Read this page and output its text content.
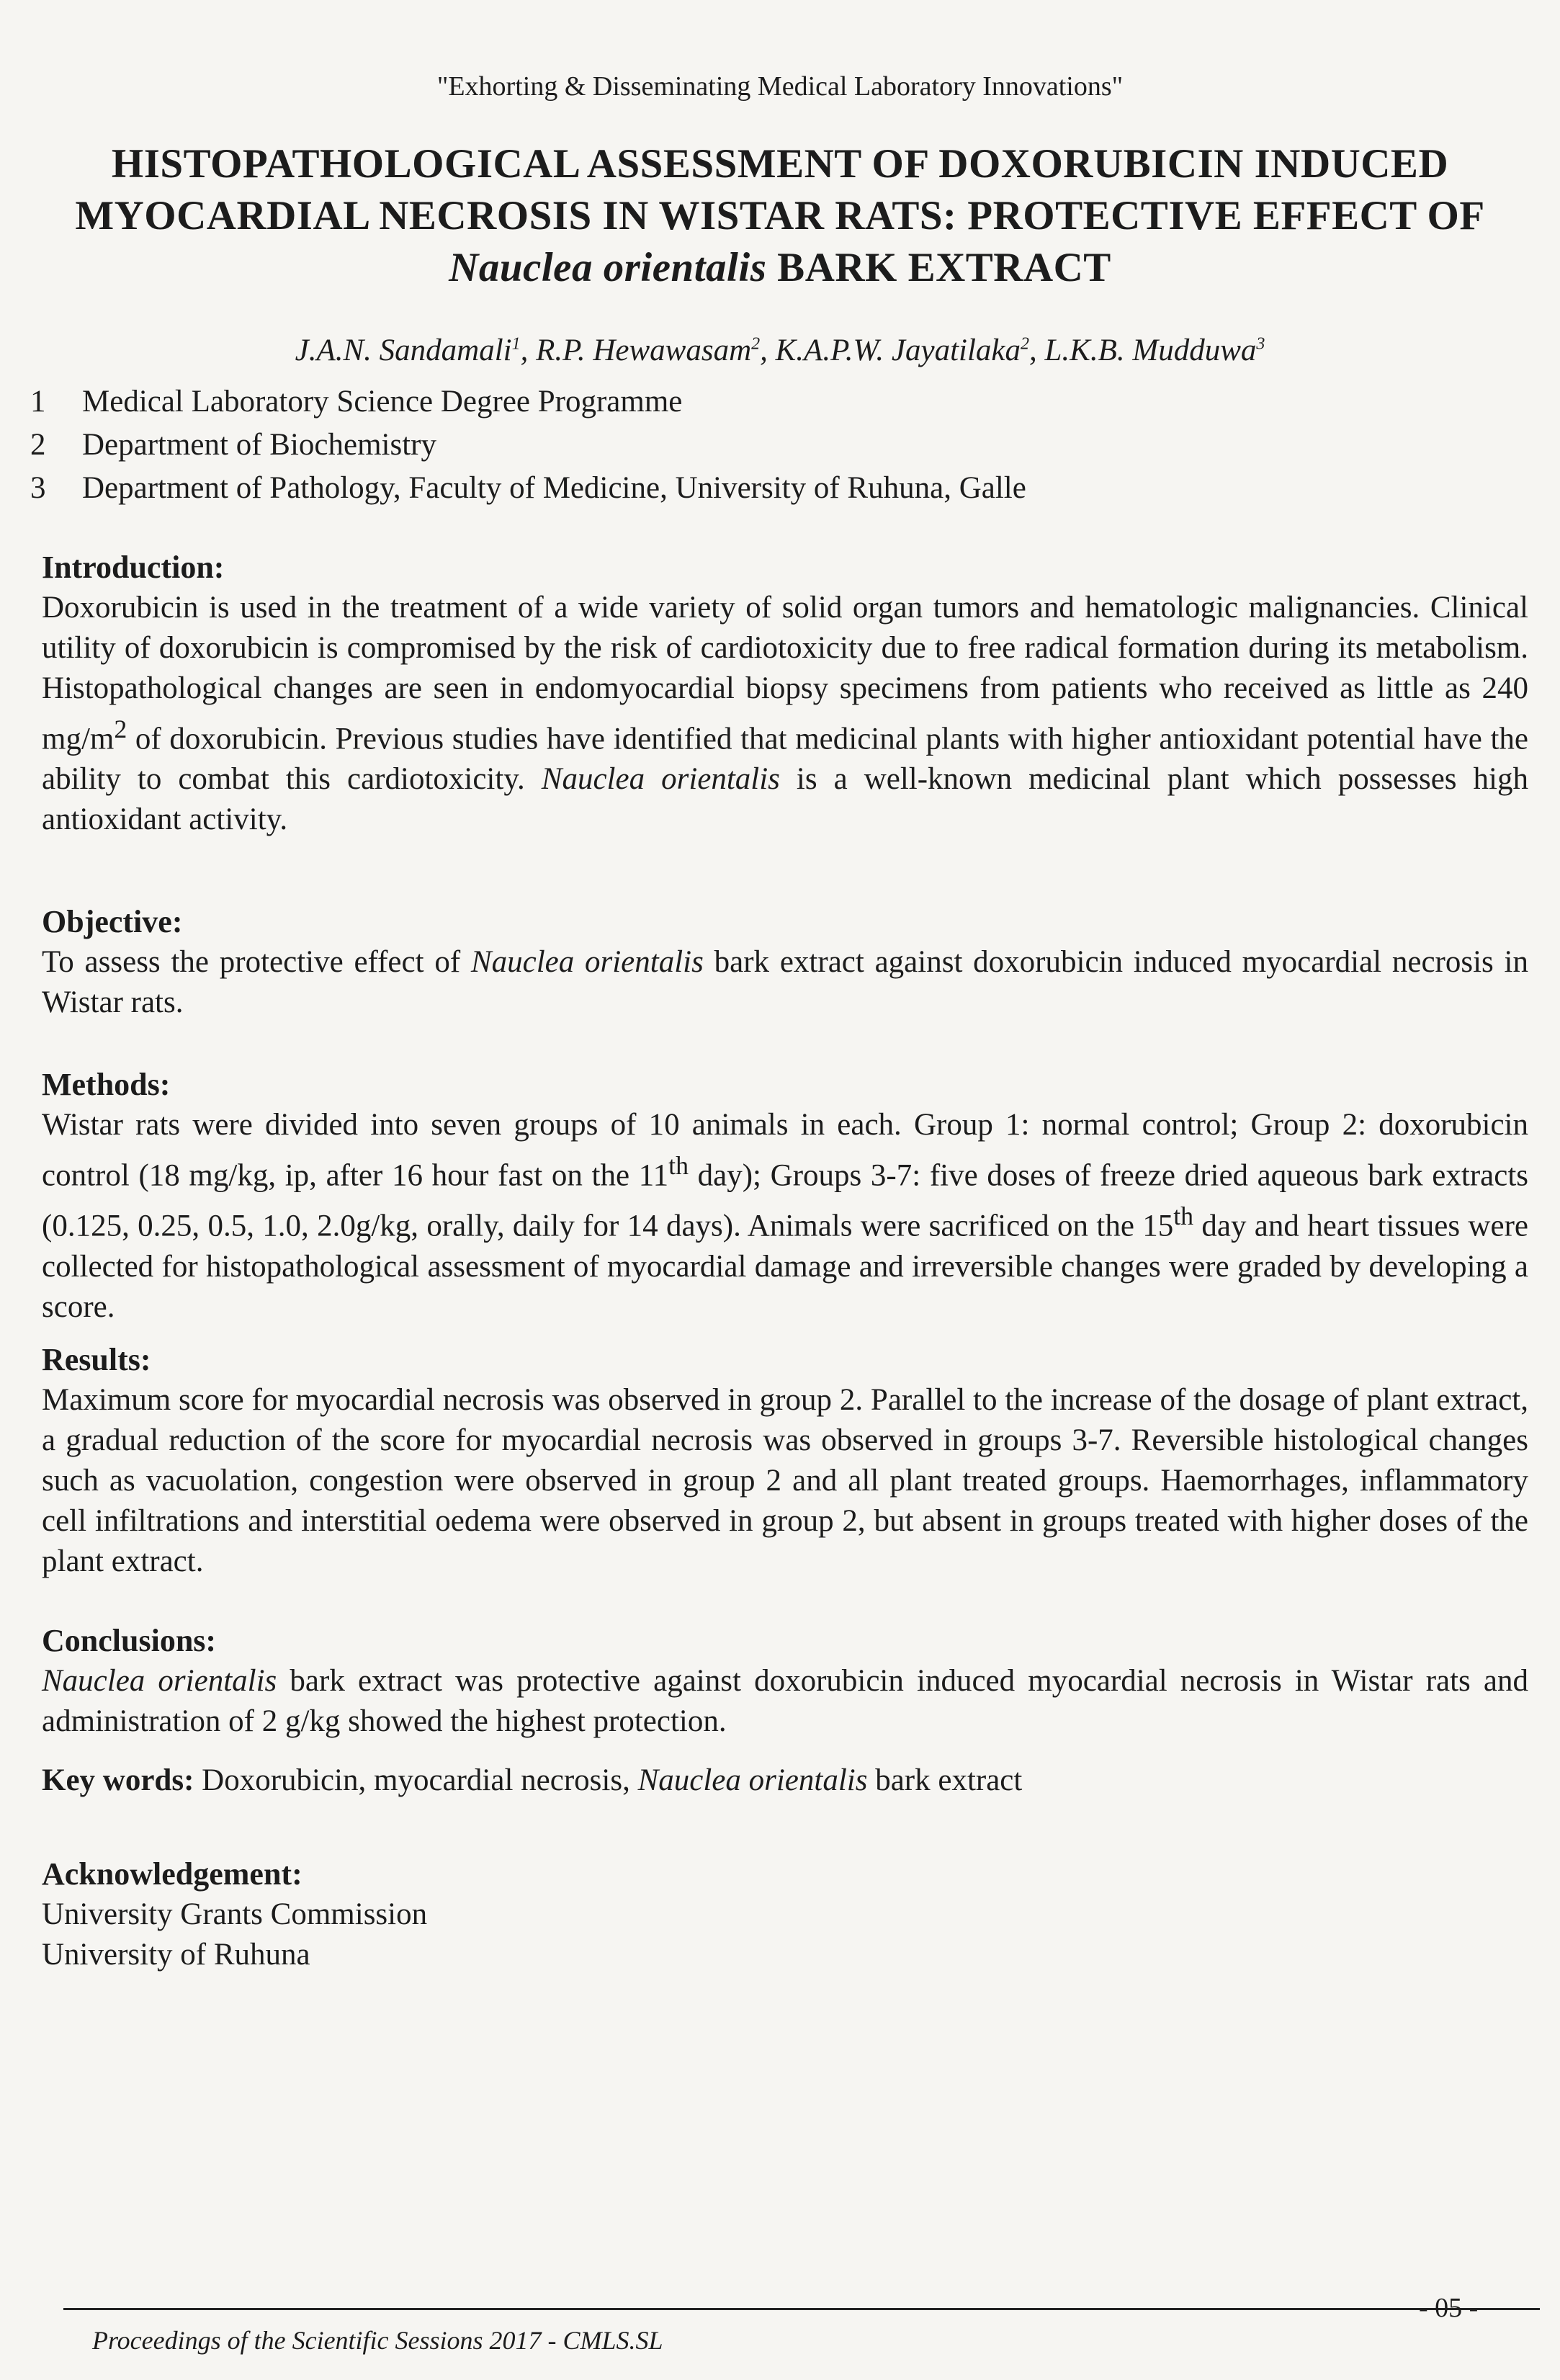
"Exhorting & Disseminating Medical Laboratory Innovations"
HISTOPATHOLOGICAL ASSESSMENT OF DOXORUBICIN INDUCED
MYOCARDIAL NECROSIS IN WISTAR RATS: PROTECTIVE EFFECT OF
Nauclea orientalis BARK EXTRACT
J.A.N. Sandamali$^1$, R.P. Hewawasam$^2$, K.A.P.W. Jayatilaka$^2$, L.K.B. Mudduwa$^3$
1	Medical Laboratory Science Degree Programme
2	Department of Biochemistry
3	Department of Pathology, Faculty of Medicine, University of Ruhuna, Galle
Introduction:

Doxorubicin is used in the treatment of a wide variety of solid organ tumors and hematologic malignancies. Clinical utility of doxorubicin is compromised by the risk of cardiotoxicity due to free radical formation during its metabolism. Histopathological changes are seen in endomyocardial biopsy specimens from patients who received as little as 240 $mg/m^2$ of doxorubicin. Previous studies have identified that medicinal plants with higher antioxidant potential have the ability to combat this cardiotoxicity. Nauclea orientalis is a well-known medicinal plant which possesses high antioxidant activity.

Objective:

To assess the protective effect of Nauclea orientalis bark extract against doxorubicin induced myocardial necrosis in Wistar rats.

Methods:

Wistar rats were divided into seven groups of 10 animals in each. Group 1: normal control; Group 2: doxorubicin control (18 mg/kg, ip, after 16 hour fast on the 11th day); Groups 3-7: five doses of freeze dried aqueous bark extracts (0.125, 0.25, 0.5, 1.0, 2.0g/kg, orally, daily for 14 days). Animals were sacrificed on the 15th day and heart tissues were collected for histopathological assessment of myocardial damage and irreversible changes were graded by developing a score.

Results:

Maximum score for myocardial necrosis was observed in group 2. Parallel to the increase of the dosage of plant extract, a gradual reduction of the score for myocardial necrosis was observed in groups 3-7. Reversible histological changes such as vacuolation, congestion were observed in group 2 and all plant treated groups. Haemorrhages, inflammatory cell infiltrations and interstitial oedema were observed in group 2, but absent in groups treated with higher doses of the plant extract.

Conclusions:

Nauclea orientalis bark extract was protective against doxorubicin induced myocardial necrosis in Wistar rats and administration of 2 g/kg showed the highest protection.

Key words: Doxorubicin, myocardial necrosis, Nauclea orientalis bark extract

Acknowledgement:

University Grants Commission

University of Ruhuna

Proceedings of the Scientific Sessions 2017 - CMLS.SL
- 05 -
